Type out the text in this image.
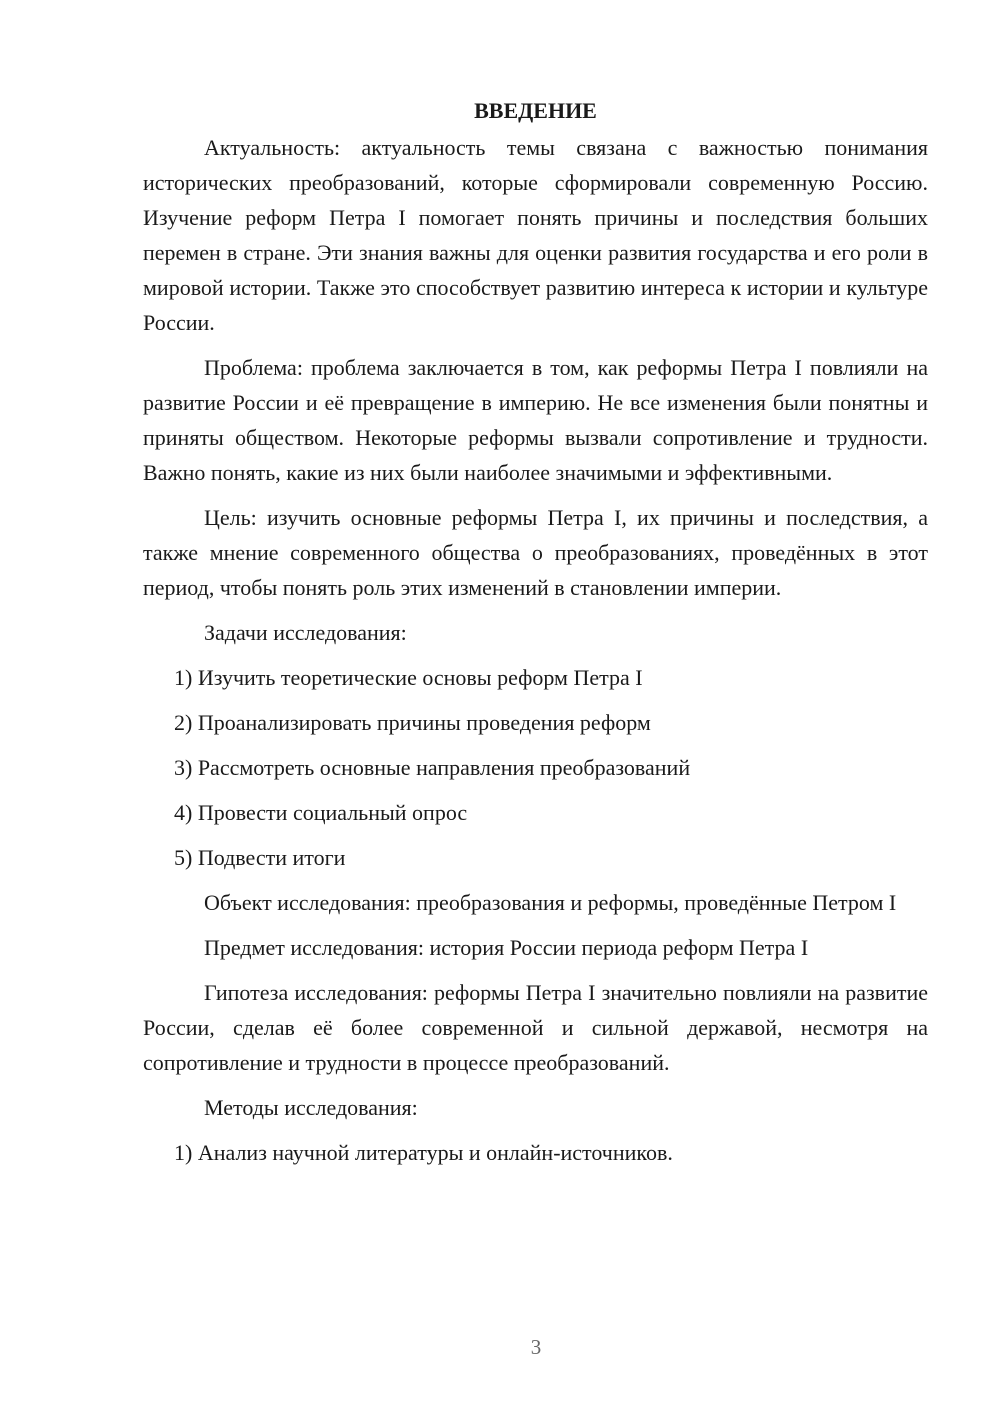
ВВЕДЕНИЕ

Актуальность: актуальность темы связана с важностью понимания исторических преобразований, которые сформировали современную Россию. Изучение реформ Петра I помогает понять причины и последствия больших перемен в стране. Эти знания важны для оценки развития государства и его роли в мировой истории. Также это способствует развитию интереса к истории и культуре России.

Проблема: проблема заключается в том, как реформы Петра I повлияли на развитие России и её превращение в империю. Не все изменения были понятны и приняты обществом. Некоторые реформы вызвали сопротивление и трудности. Важно понять, какие из них были наиболее значимыми и эффективными.

Цель: изучить основные реформы Петра I, их причины и последствия, а также мнение современного общества о преобразованиях, проведённых в этот период, чтобы понять роль этих изменений в становлении империи.

Задачи исследования:

1) Изучить теоретические основы реформ Петра I

2) Проанализировать причины проведения реформ

3) Рассмотреть основные направления преобразований

4) Провести социальный опрос

5) Подвести итоги

Объект исследования: преобразования и реформы, проведённые Петром I

Предмет исследования: история России периода реформ Петра I

Гипотеза исследования: реформы Петра I значительно повлияли на развитие России, сделав её более современной и сильной державой, несмотря на сопротивление и трудности в процессе преобразований.

Методы исследования:

1) Анализ научной литературы и онлайн-источников.

3
